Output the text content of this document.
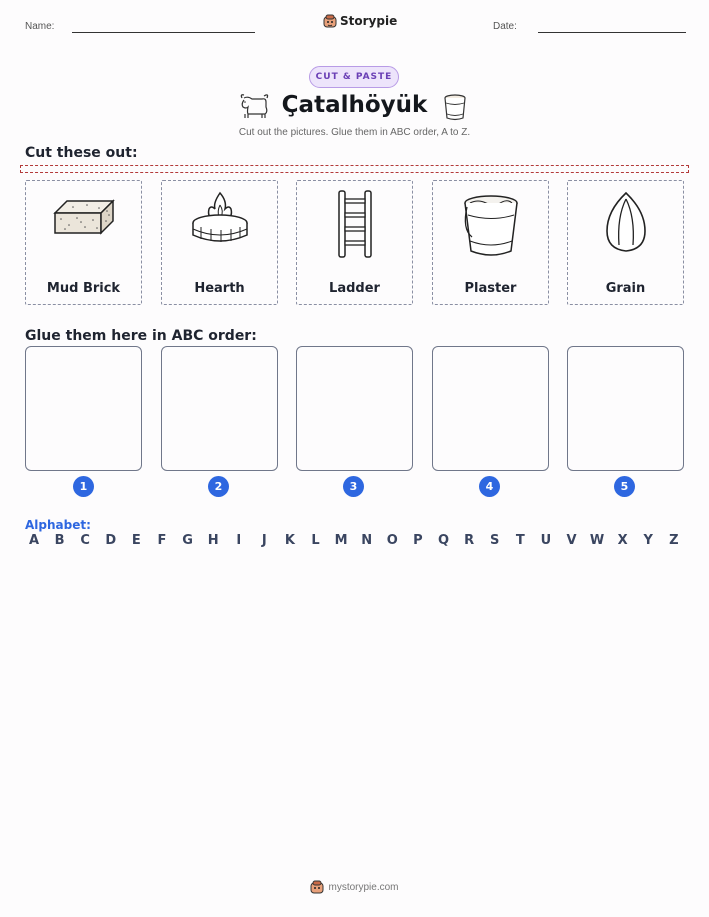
Name:	Storypie	Date:
CUT & PASTE
Çatalhöyük
Cut out the pictures. Glue them in ABC order, A to Z.
Cut these out:
Mud Brick	Hearth	Ladder	Plaster	Grain
Glue them here in ABC order:
1	2	3	4	5
Alphabet:
A	B	C	D	E	F	G H	I	J	K	L	M N O	P	Q	R	S	T	U	V	W	X	Y	Z
mystorypie.com
